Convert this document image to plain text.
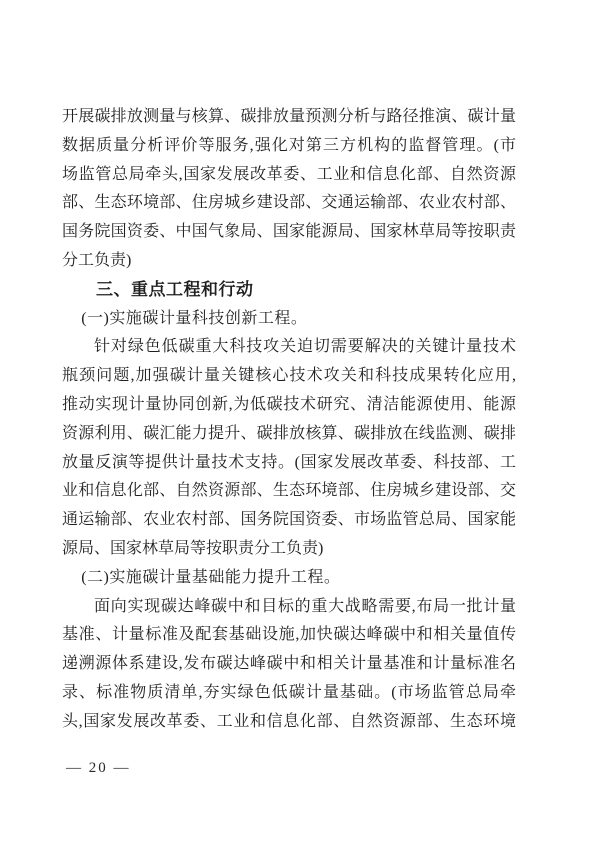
开展碳排放测量与核算、碳排放量预测分析与路径推演、碳计量
数据质量分析评价等服务,强化对第三方机构的监督管理。(市
场监管总局牵头,国家发展改革委、工业和信息化部、自然资源
部、生态环境部、住房城乡建设部、交通运输部、农业农村部、
国务院国资委、中国气象局、国家能源局、国家林草局等按职责
分工负责)
三、重点工程和行动
(一)实施碳计量科技创新工程。
针对绿色低碳重大科技攻关迫切需要解决的关键计量技术
瓶颈问题,加强碳计量关键核心技术攻关和科技成果转化应用,
推动实现计量协同创新,为低碳技术研究、清洁能源使用、能源
资源利用、碳汇能力提升、碳排放核算、碳排放在线监测、碳排
放量反演等提供计量技术支持。(国家发展改革委、科技部、工
业和信息化部、自然资源部、生态环境部、住房城乡建设部、交
通运输部、农业农村部、国务院国资委、市场监管总局、国家能
源局、国家林草局等按职责分工负责)
(二)实施碳计量基础能力提升工程。
面向实现碳达峰碳中和目标的重大战略需要,布局一批计量
基准、计量标准及配套基础设施,加快碳达峰碳中和相关量值传
递溯源体系建设,发布碳达峰碳中和相关计量基准和计量标准名
录、标准物质清单,夯实绿色低碳计量基础。(市场监管总局牵
头,国家发展改革委、工业和信息化部、自然资源部、生态环境
— 20 —
